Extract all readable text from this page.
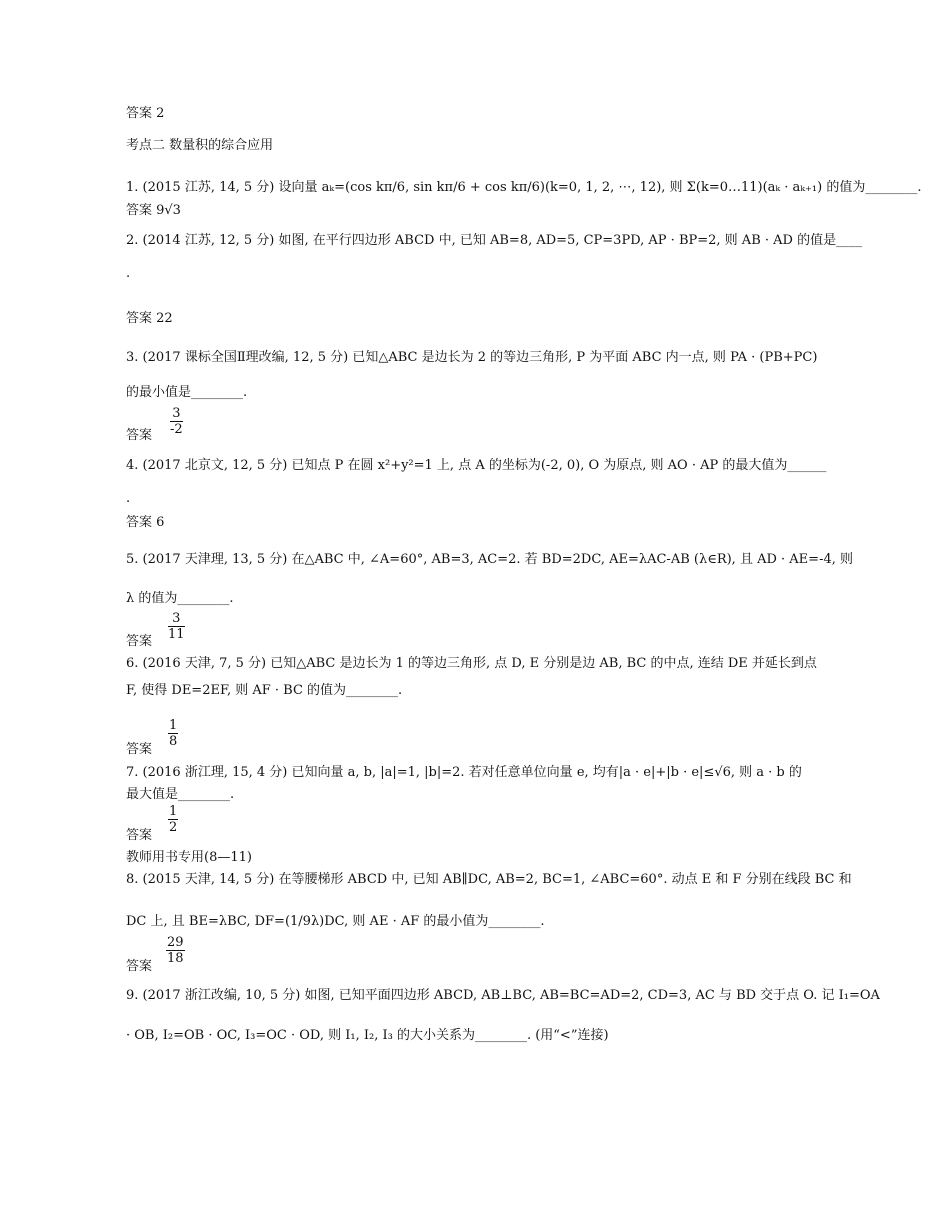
答案 2
考点二 数量积的综合应用
1. (2015 江苏, 14, 5 分) 设向量 aₖ=(cos kπ/6, sin kπ/6 + cos kπ/6)(k=0, 1, 2, ⋯, 12), 则 Σ(k=0…11)(aₖ · aₖ₊₁) 的值为________.
答案 9√3
2. (2014 江苏, 12, 5 分) 如图, 在平行四边形 ABCD 中, 已知 AB=8, AD=5, CP=3PD, AP · BP=2, 则 AB · AD 的值是____
.
答案 22
3. (2017 课标全国Ⅱ理改编, 12, 5 分) 已知△ABC 是边长为 2 的等边三角形, P 为平面 ABC 内一点, 则 PA · (PB+PC)
的最小值是________.
答案 $\frac{3}{-2}$
4. (2017 北京文, 12, 5 分) 已知点 P 在圆 x²+y²=1 上, 点 A 的坐标为(-2, 0), O 为原点, 则 AO · AP 的最大值为______
.
答案 6
5. (2017 天津理, 13, 5 分) 在△ABC 中, ∠A=60°, AB=3, AC=2. 若 BD=2DC, AE=λAC-AB (λ∈R), 且 AD · AE=-4, 则
λ 的值为________.
答案 $\frac{3}{11}$
6. (2016 天津, 7, 5 分) 已知△ABC 是边长为 1 的等边三角形, 点 D, E 分别是边 AB, BC 的中点, 连结 DE 并延长到点
F, 使得 DE=2EF, 则 AF · BC 的值为________.
答案
$\frac{1}{8}$
7. (2016 浙江理, 15, 4 分) 已知向量 a, b, |a|=1, |b|=2. 若对任意单位向量 e, 均有|a · e|+|b · e|≤√6, 则 a · b 的
最大值是________.
答案
$\frac{1}{2}$
教师用书专用(8—11)
8. (2015 天津, 14, 5 分) 在等腰梯形 ABCD 中, 已知 AB∥DC, AB=2, BC=1, ∠ABC=60°. 动点 E 和 F 分别在线段 BC 和
DC 上, 且 BE=λBC, DF=(1/9λ)DC, 则 AE · AF 的最小值为________.
答案
$\frac{29}{18}$
9. (2017 浙江改编, 10, 5 分) 如图, 已知平面四边形 ABCD, AB⊥BC, AB=BC=AD=2, CD=3, AC 与 BD 交于点 O. 记 I₁=OA
· OB, I₂=OB · OC, I₃=OC · OD, 则 I₁, I₂, I₃ 的大小关系为________. (用“<”连接)
